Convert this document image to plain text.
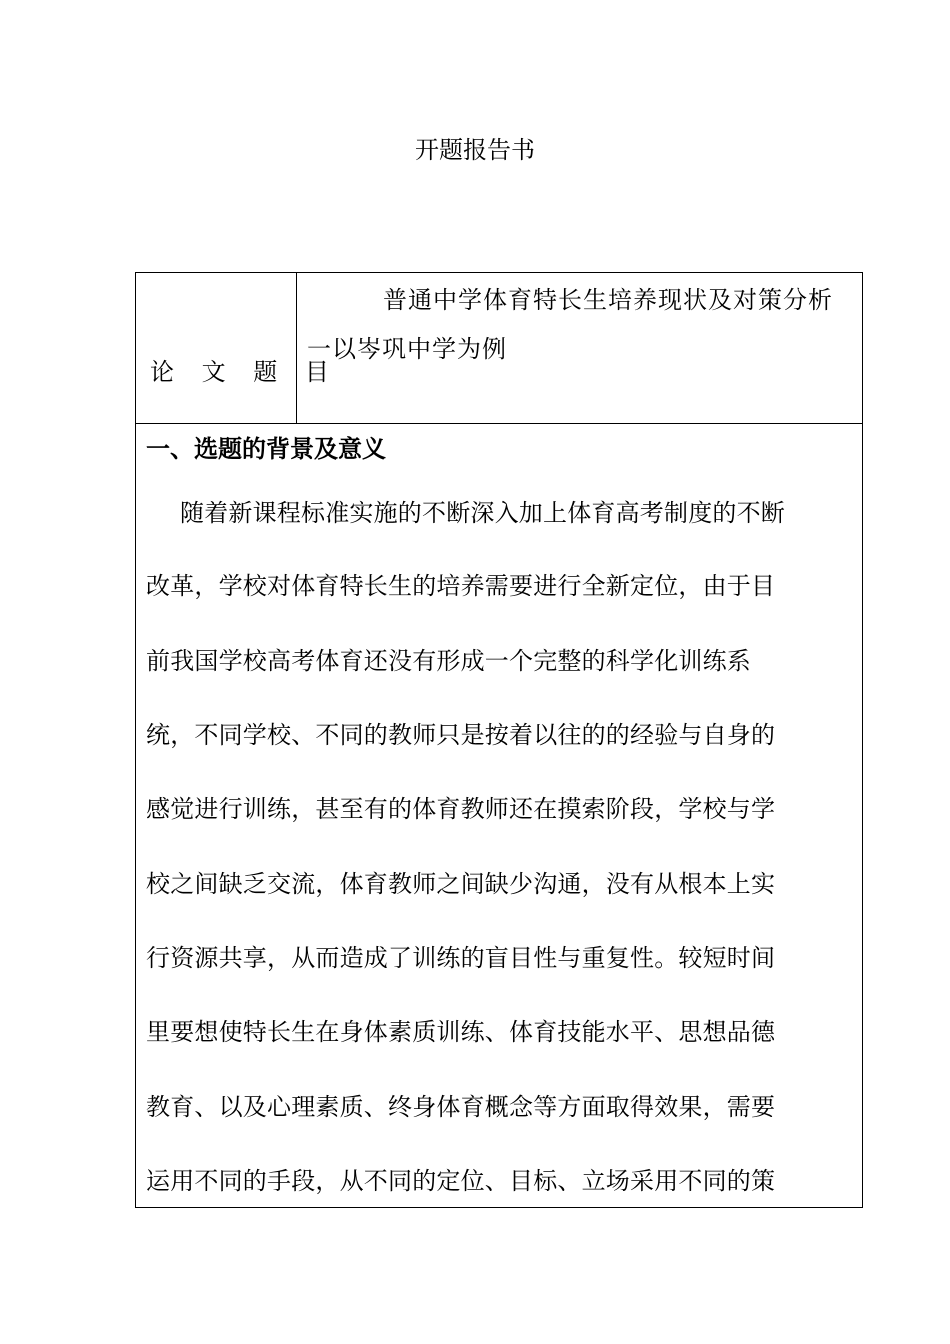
开题报告书
论 文 题 目
普通中学体育特长生培养现状及对策分析
一以岑巩中学为例
一、选题的背景及意义
随着新课程标准实施的不断深入加上体育高考制度的不断
改革，学校对体育特长生的培养需要进行全新定位，由于目
前我国学校高考体育还没有形成一个完整的科学化训练系
统，不同学校、不同的教师只是按着以往的的经验与自身的
感觉进行训练，甚至有的体育教师还在摸索阶段，学校与学
校之间缺乏交流，体育教师之间缺少沟通，没有从根本上实
行资源共享，从而造成了训练的盲目性与重复性。较短时间
里要想使特长生在身体素质训练、体育技能水平、思想品德
教育、以及心理素质、终身体育概念等方面取得效果，需要
运用不同的手段，从不同的定位、目标、立场采用不同的策
